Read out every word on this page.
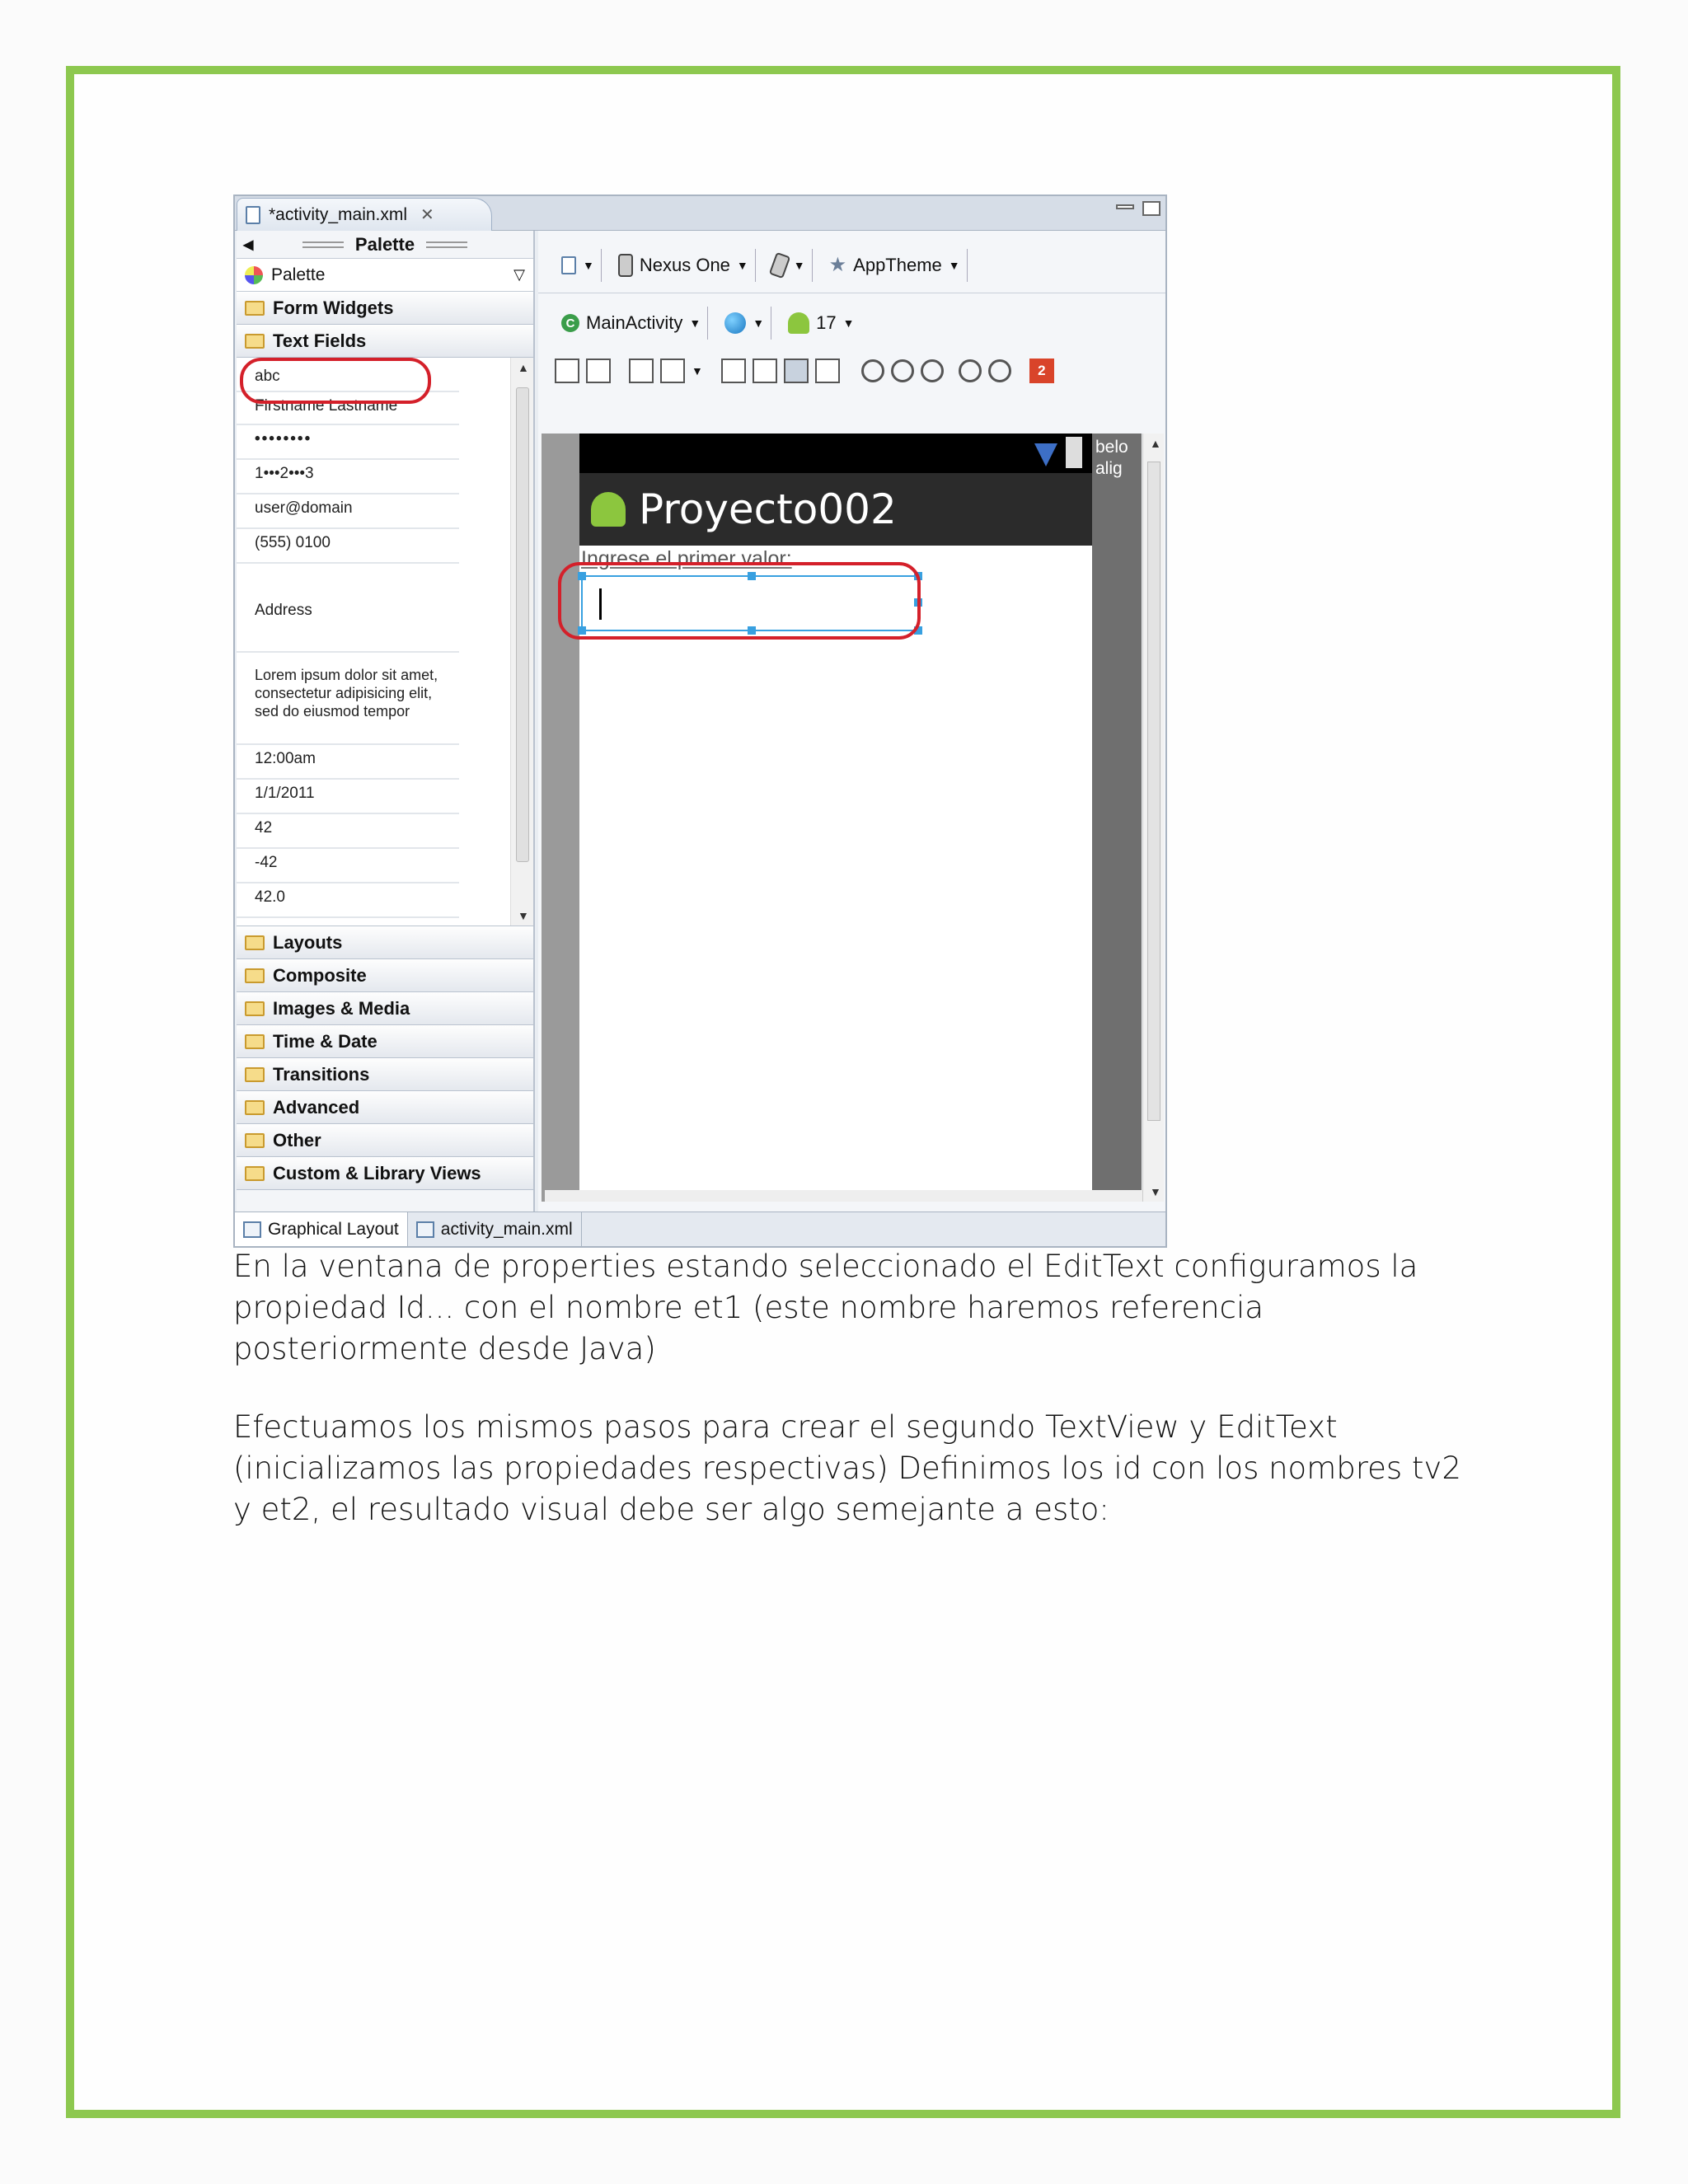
*activity_main.xml ✕
◀	Palette
Palette	▽
Form Widgets
Text Fields
abc
Firstname Lastname
••••••••
1•••2•••3
user@domain
(555) 0100
Address
Lorem ipsum dolor sit amet, consectetur adipisicing elit, sed do eiusmod tempor
12:00am
1/1/2011
42
-42
42.0
▲
▼
Layouts
Composite
Images & Media
Time & Date
Transitions
Advanced
Other
Custom & Library Views
▼	Nexus One ▼	▼ ★ AppTheme ▼
C MainActivity ▼	▼	17 ▼
▼	2
Proyecto002
Ingrese el primer valor:
belo alig
▲
▼
Graphical Layout activity_main.xml

En la ventana de properties estando seleccionado el EditText configuramos la propiedad Id... con el nombre et1 (este nombre haremos referencia posteriormente desde Java)

Efectuamos los mismos pasos para crear el segundo TextView y EditText (inicializamos las propiedades respectivas) Definimos los id con los nombres tv2 y et2, el resultado visual debe ser algo semejante a esto:
